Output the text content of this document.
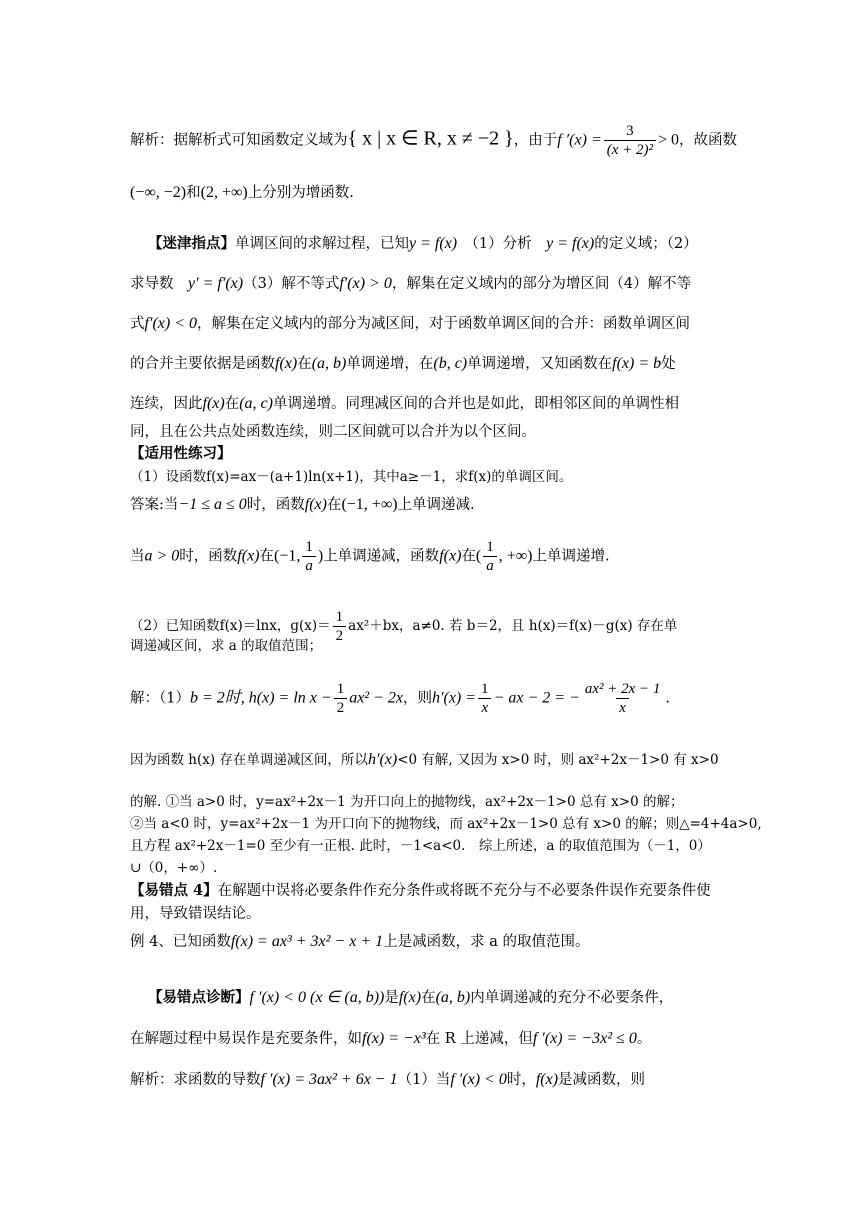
解析：据解析式可知函数定义域为{ x | x ∈ R, x ≠ −2 }，由于f $'(x) = \frac{3}{\text{(x + 2)²}} > 0$，故函数
(−∞, −2)和(2, +∞)上分别为增函数.
【迷津指点】单调区间的求解过程，已知y = f(x)　 （1）分析　 y = f(x)的定义域；（2）
求导数　 y′ = f′(x)（3）解不等式f′(x) > 0，解集在定义域内的部分为增区间（4）解不等
式f′(x) < 0，解集在定义域内的部分为减区间，对于函数单调区间的合并：函数单调区间
的合并主要依据是函数f(x)在(a, b)单调递增，在(b, c)单调递增，又知函数在f(x) = b处
连续，因此f(x)在(a, c)单调递增。同理减区间的合并也是如此，即相邻区间的单调性相
同，且在公共点处函数连续，则二区间就可以合并为以个区间。
【适用性练习】
（1）设函数f(x)=ax－(a+1)ln(x+1)，其中a≥－1，求f(x)的单调区间。
答案:当−1 ≤ a ≤ 0时，函数f(x)在(−1, +∞)上单调递减.
当a > 0时，函数f(x)在(−1, $\frac{1}{a}$ )上单调递减，函数f(x)在( $\frac{1}{a}$ , +∞)上单调递增.
（2）已知函数f(x)＝lnx，$g(x)= \frac{1}{2} ax^2+bx$，a≠0. 若 b＝2，且 h(x)＝f(x)－g(x) 存在单
调递减区间，求 a 的取值范围；
解：（1）b = 2时, $h(x) = \ln x - \frac{1}{2} ax^2 - 2x$，则$h'(x) = \frac{1}{x}$ − ax − 2 = − $\frac{\text{ax² + 2x − 1}}{x}$ .
因为函数 h(x) 存在单调递减区间，所以h′(x)<0 有解, 又因为 x>0 时，则 ax²+2x－1>0 有 x>0
的解. ①当 a>0 时，y=ax²+2x－1 为开口向上的抛物线，ax²+2x－1>0 总有 x>0 的解；
②当 a<0 时，y=ax²+2x－1 为开口向下的抛物线，而 ax²+2x－1>0 总有 x>0 的解；则△=4+4a>0,
且方程 ax²+2x－1=0 至少有一正根. 此时，－1<a<0.　综上所述，a 的取值范围为（－1，0）
∪（0，+∞）.
【易错点 4】在解题中误将必要条件作充分条件或将既不充分与不必要条件误作充要条件使
用，导致错误结论。
例 4、已知函数f(x) = ax³ + 3x² − x + 1上是减函数，求 a 的取值范围。
【易错点诊断】f ′(x) < 0 (x ∈ (a, b))是f(x)在(a, b)内单调递减的充分不必要条件，
在解题过程中易误作是充要条件，如f(x) = −x³在 R 上递减，但f ′(x) = −3x² ≤ 0。
解析：求函数的导数f ′(x) = 3ax² + 6x − 1（1）当f ′(x) < 0时，f(x)是减函数，则
